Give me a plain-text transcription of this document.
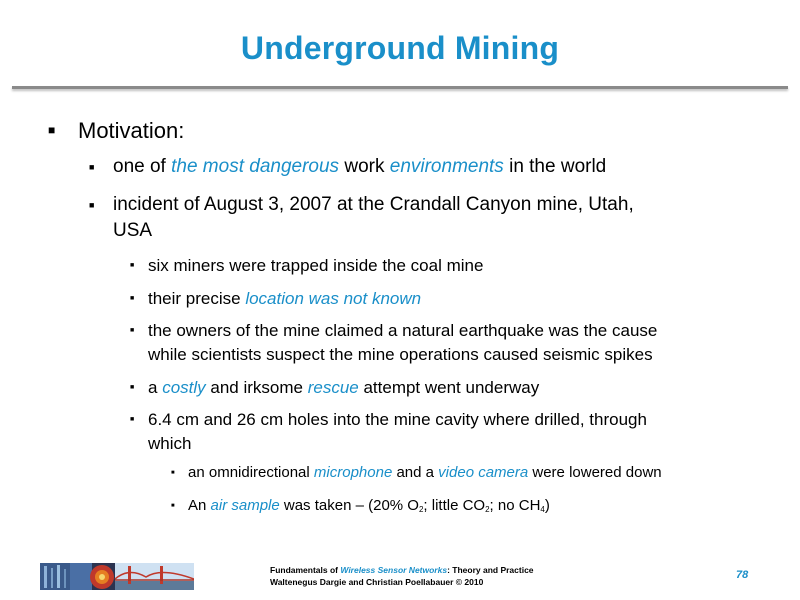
Underground Mining
■ Motivation:
■ one of the most dangerous work environments in the world
■ incident of August 3, 2007 at the Crandall Canyon mine, Utah,
USA
■ six miners were trapped inside the coal mine
■ their precise location was not known
■ the owners of the mine claimed a natural earthquake was the cause
while scientists suspect the mine operations caused seismic spikes
■ a costly and irksome rescue attempt went underway
■ 6.4 cm and 26 cm holes into the mine cavity where drilled, through
which
■ an omnidirectional microphone and a video camera were lowered down
■ An air sample was taken – (20% $O_2$; little $CO_2$; no $CH_4$)
Fundamentals of Wireless Sensor Networks: Theory and Practice
Waltenegus Dargie and Christian Poellabauer © 2010
78
